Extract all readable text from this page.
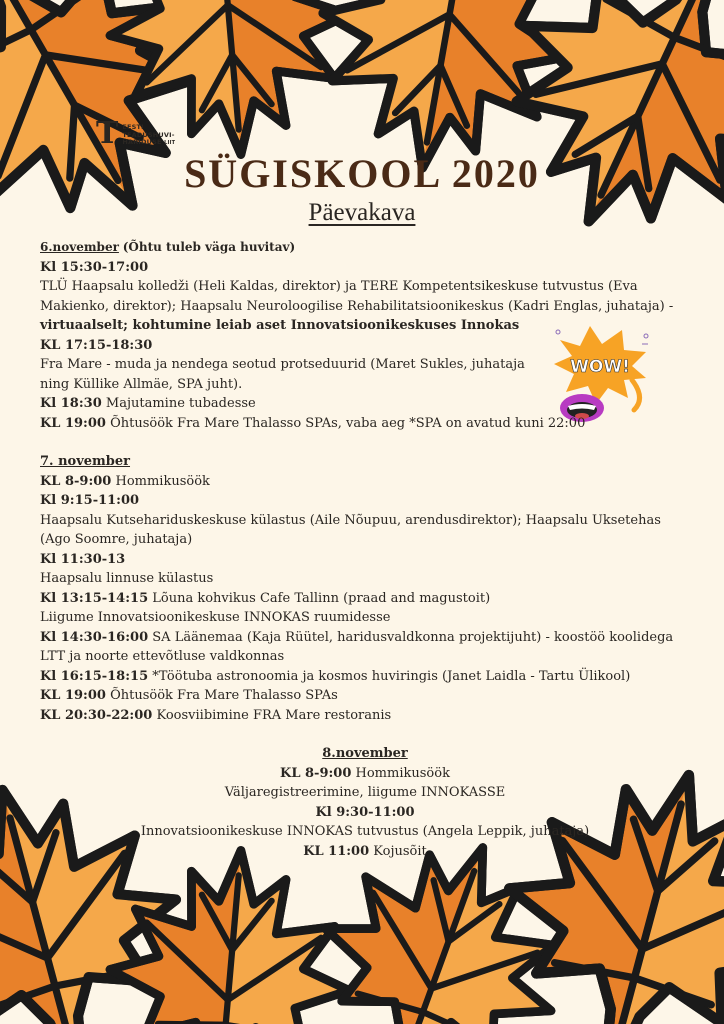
T EESTI
TEADUSHUVI-
HARIDUSE LIIT
SÜGISKOOL 2020
Päevakava
WOW!

6.november (Õhtu tuleb väga huvitav)

Kl 15:30-17:00

TLÜ Haapsalu kolledži (Heli Kaldas, direktor) ja TERE Kompetentsikeskuse tutvustus (Eva Makienko, direktor); Haapsalu Neuroloogilise Rehabilitatsioonikeskus (Kadri Englas, juhataja) - virtuaalselt; kohtumine leiab aset Innovatsioonikeskuses Innokas

KL 17:15-18:30

Fra Mare - muda ja nendega seotud protseduurid (Maret Sukles, juhataja ning Küllike Allmäe, SPA juht).

Kl 18:30 Majutamine tubadesse

KL 19:00 Õhtusöök Fra Mare Thalasso SPAs, vaba aeg *SPA on avatud kuni 22:00

7. november

KL 8-9:00 Hommikusöök

Kl 9:15-11:00

Haapsalu Kutsehariduskeskuse külastus (Aile Nõupuu, arendusdirektor); Haapsalu Uksetehas (Ago Soomre, juhataja)

Kl 11:30-13

Haapsalu linnuse külastus

Kl 13:15-14:15 Lõuna kohvikus Cafe Tallinn (praad and magustoit)

Liigume Innovatsioonikeskuse INNOKAS ruumidesse

Kl 14:30-16:00 SA Läänemaa (Kaja Rüütel, haridusvaldkonna projektijuht) - koostöö koolidega LTT ja noorte ettevõtluse valdkonnas

Kl 16:15-18:15 *Töötuba astronoomia ja kosmos huviringis (Janet Laidla - Tartu Ülikool)

KL 19:00 Õhtusöök Fra Mare Thalasso SPAs

KL 20:30-22:00 Koosviibimine FRA Mare restoranis

8.november

KL 8-9:00 Hommikusöök

Väljaregistreerimine, liigume INNOKASSE

Kl 9:30-11:00

Innovatsioonikeskuse INNOKAS tutvustus (Angela Leppik, juhataja)

KL 11:00 Kojusõit
